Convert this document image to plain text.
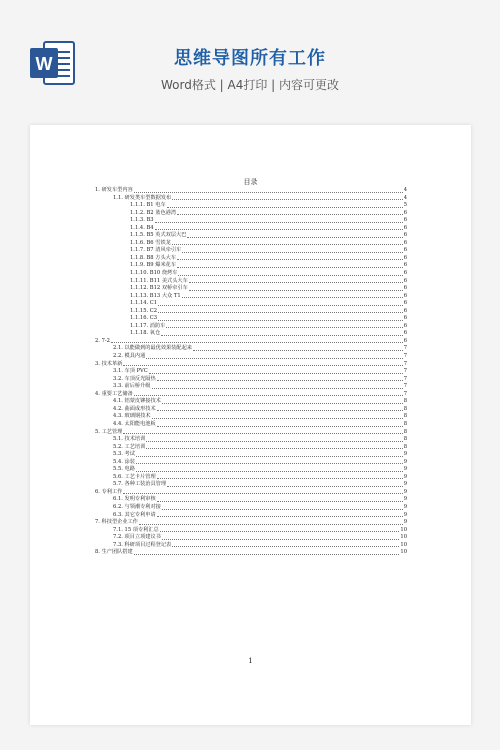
W	思维导图所有工作
Word格式 | A4打印 | 内容可更改
目录
1. 研发车型内容	4
1.1. 研发类车型数据发布	4
1.1.1. B1 电车	5
1.1.2. B2 蓝色港湾	6
1.1.3. B3	6
1.1.4. B4	6
1.1.5. B5 英式双层大巴	6
1.1.6. B6 雪铁龙	6
1.1.7. B7 清风牵引车	6
1.1.8. B8 方头大车	6
1.1.9. B9 爆米花车	6
1.1.10. B10 烧烤车	6
1.1.11. B11 美式头大车	6
1.1.12. B12 双桥牵引车	6
1.1.13. B13 大众 T1	6
1.1.14. C1	6
1.1.15. C2	6
1.1.16. C3	6
1.1.17. 消防车	6
1.1.18. 氧仓	6
2. 7-2	6
2.1. 以能做到的最优效果装配起来	7
2.2. 模具内通	7
3. 技术革新	7
3.1. 车顶 PVC	7
3.2. 车顶反光隔热	7
3.3. 前后桥升级	7
4. 重要工艺储备	7
4.1. 铝蒙皮铆接技术	8
4.2. 曲面成形技术	8
4.3. 玻璃钢技术	8
4.4. 太阳能电池板	8
5. 工艺管理	8
5.1. 技术培训	8
5.2. 工艺培训	8
5.3. 考试	9
5.4. 涂装	9
5.5. 电路	9
5.6. 工艺卡片管理	9
5.7. 各种工装治具管理	9
6. 专利工作	9
6.1. 发明专利审核	9
6.2. 与领潮专利对接	9
6.3. 其它专利申请	9
7. 科技型企业工作	9
7.1. 15 项专利汇总	10
7.2. 项目立项建议书	10
7.3. 科研项目过程登记表	10
8. 生产团队搭建	10
1
